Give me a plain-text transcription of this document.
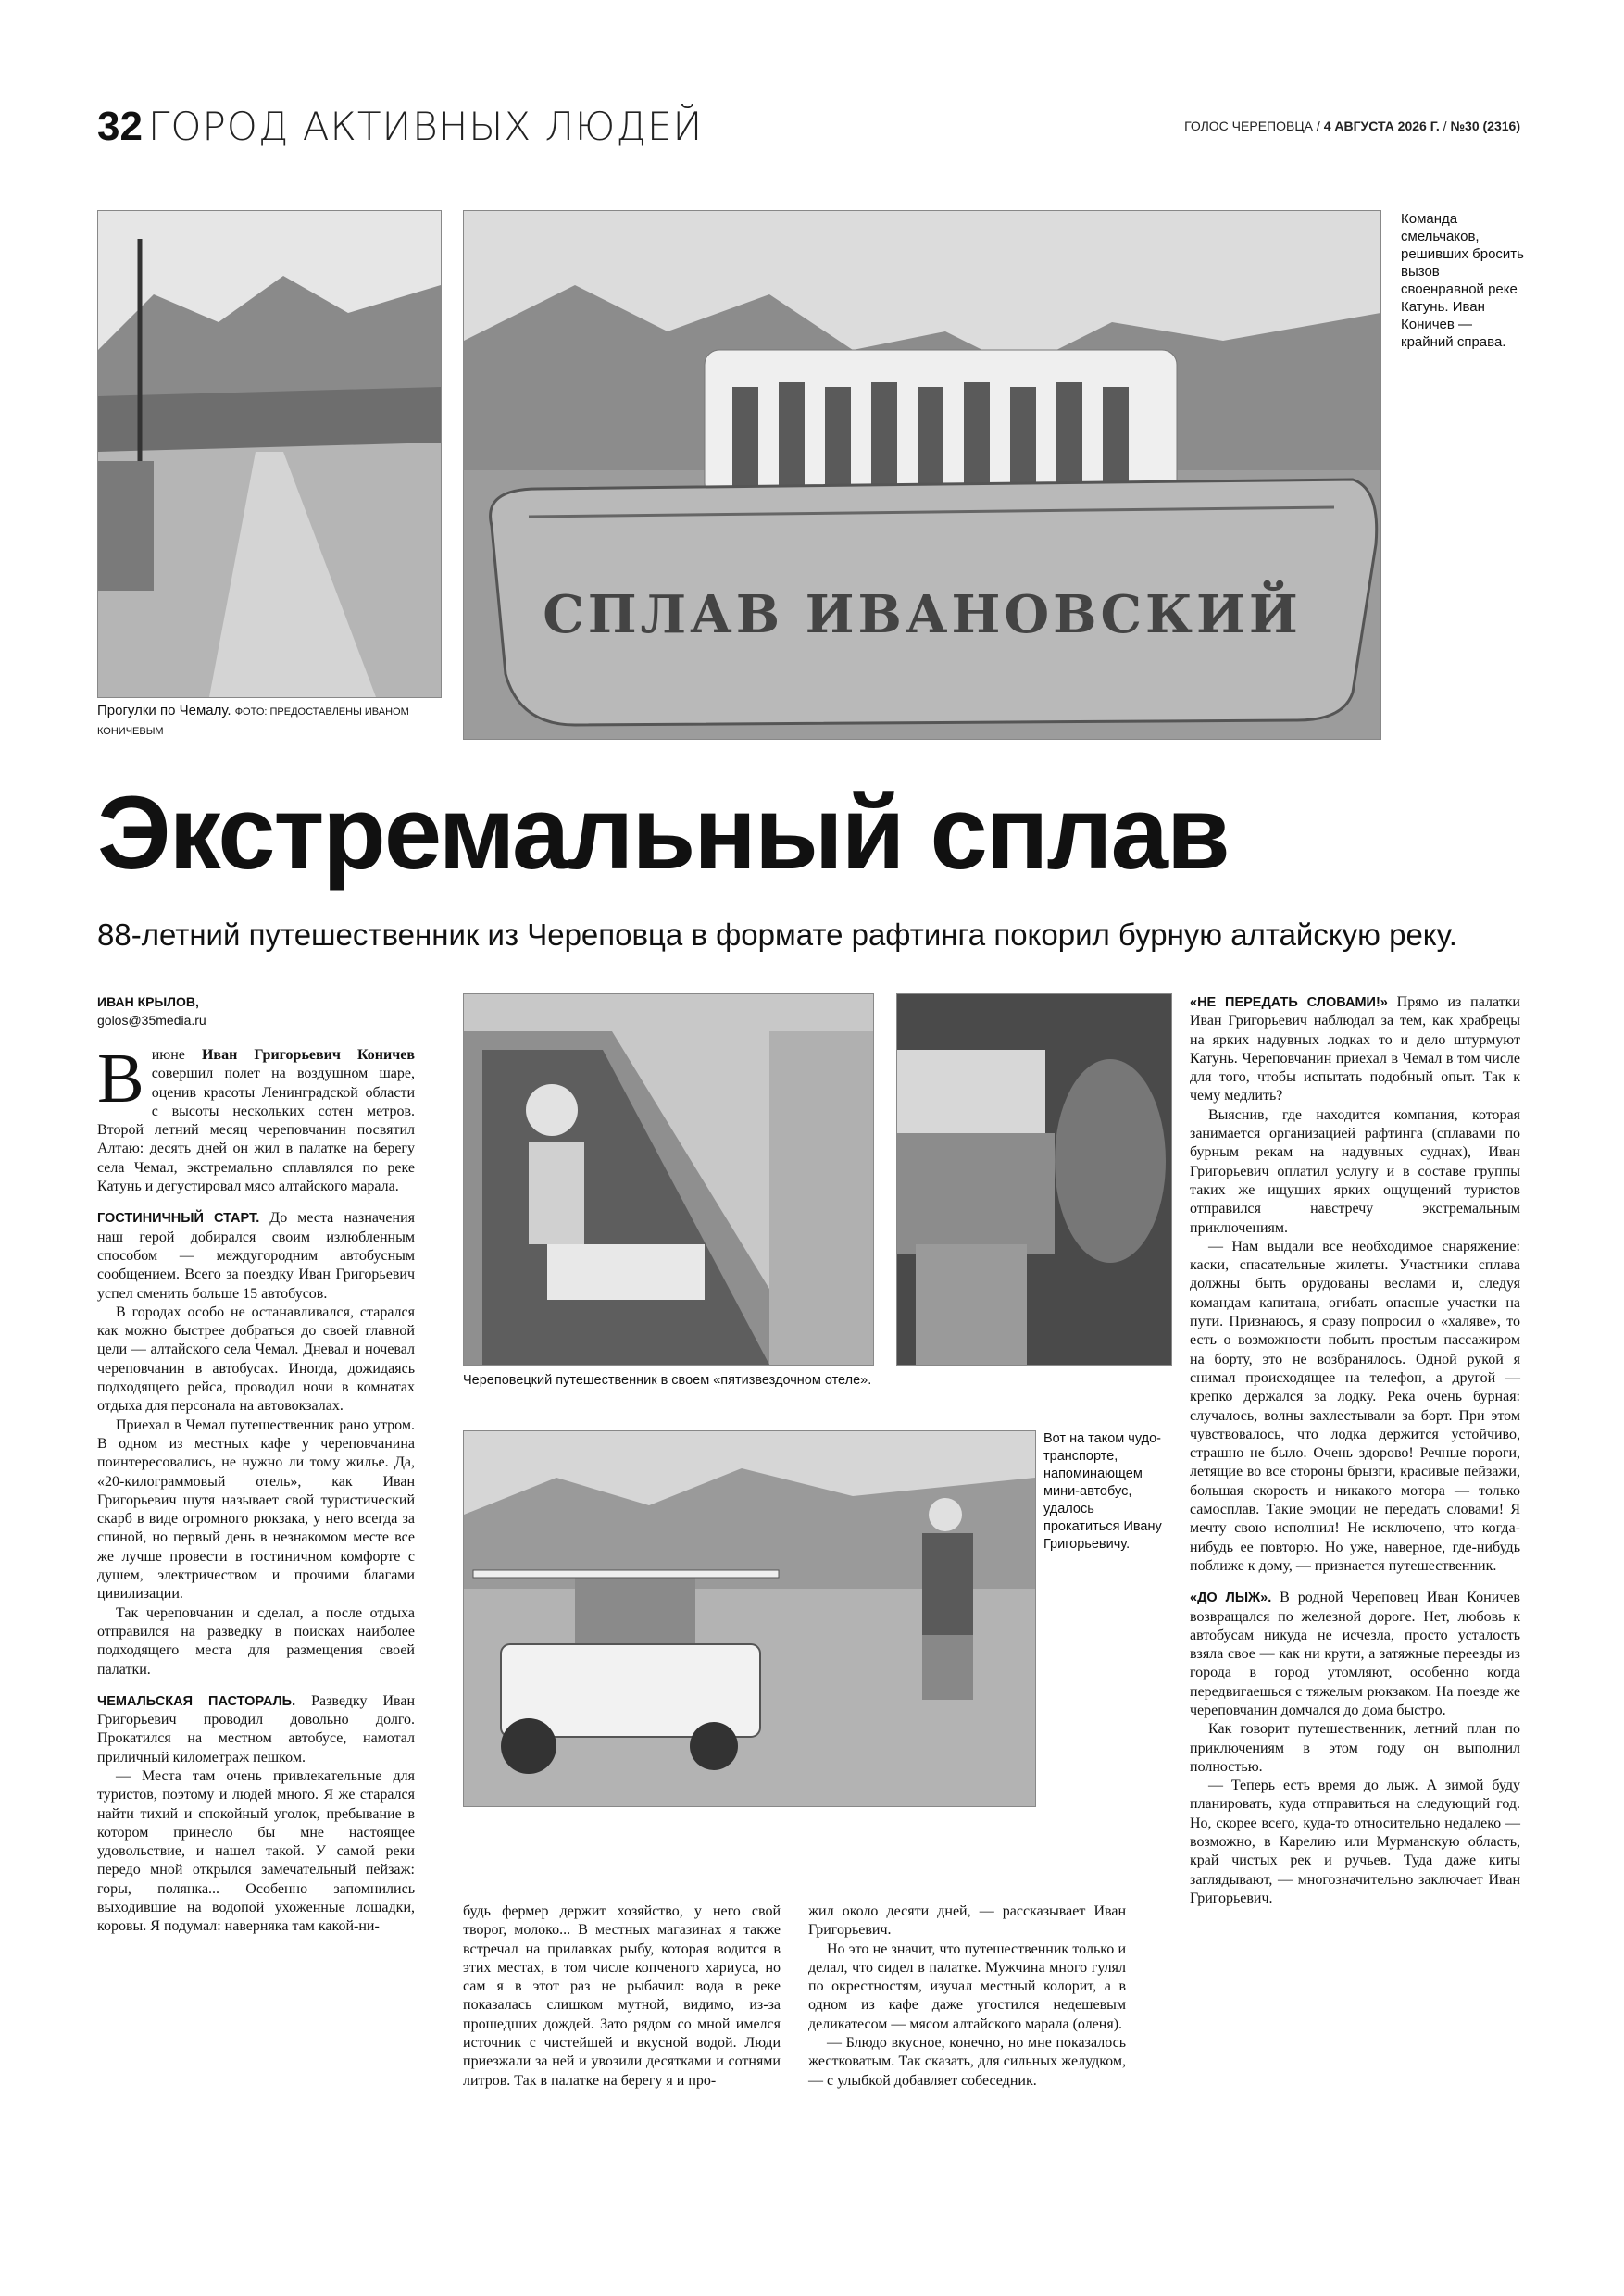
32 ГОРОД АКТИВНЫХ ЛЮДЕЙ	ГОЛОС ЧЕРЕПОВЦА / 4 АВГУСТА 2026 Г. / №30 (2316)
Прогулки по Чемалу. ФОТО: ПРЕДОСТАВЛЕНЫ ИВАНОМ КОНИЧЕВЫМ
СПЛАВ ИВАНОВСКИЙ
Команда смельчаков, решивших бросить вызов своенравной реке Катунь. Иван Коничев — крайний справа.
Экстремальный сплав
88-летний путешественник из Череповца в формате рафтинга покорил бурную алтайскую реку.
ИВАН КРЫЛОВ,
golos@35media.ru

В июне Иван Григорьевич Коничев совершил полет на воздушном шаре, оценив красоты Ленинградской области с высоты нескольких сотен метров. Второй летний месяц череповчанин посвятил Алтаю: десять дней он жил в палатке на берегу села Чемал, экстремально сплавлялся по реке Катунь и дегустировал мясо алтайского марала.

ГОСТИНИЧНЫЙ СТАРТ. До места назначения наш герой добирался своим излюбленным способом — междугородним автобусным сообщением. Всего за поездку Иван Григорьевич успел сменить больше 15 автобусов.

В городах особо не останавливался, старался как можно быстрее добраться до своей главной цели — алтайского села Чемал. Дневал и ночевал череповчанин в автобусах. Иногда, дожидаясь подходящего рейса, проводил ночи в комнатах отдыха для персонала на автовокзалах.

Приехал в Чемал путешественник рано утром. В одном из местных кафе у череповчанина поинтересовались, не нужно ли тому жилье. Да, «20-килограммовый отель», как Иван Григорьевич шутя называет свой туристический скарб в виде огромного рюкзака, у него всегда за спиной, но первый день в незнакомом месте все же лучше провести в гостиничном комфорте с душем, электричеством и прочими благами цивилизации.

Так череповчанин и сделал, а после отдыха отправился на разведку в поисках наиболее подходящего места для размещения своей палатки.

ЧЕМАЛЬСКАЯ ПАСТОРАЛЬ. Разведку Иван Григорьевич проводил довольно долго. Прокатился на местном автобусе, намотал приличный километраж пешком.

— Места там очень привлекательные для туристов, поэтому и людей много. Я же старался найти тихий и спокойный уголок, пребывание в котором принесло бы мне настоящее удовольствие, и нашел такой. У самой реки передо мной открылся замечательный пейзаж: горы, полянка... Особенно запомнились выходившие на водопой ухоженные лошадки, коровы. Я подумал: наверняка там какой-ни-

Череповецкий путешественник в своем «пятизвездочном отеле».
Вот на таком чудо-транспорте, напоминающем мини-автобус, удалось прокатиться Ивану Григорьевичу.

будь фермер держит хозяйство, у него свой творог, молоко... В местных магазинах я также встречал на прилавках рыбу, которая водится в этих местах, в том числе копченого хариуса, но сам я в этот раз не рыбачил: вода в реке показалась слишком мутной, видимо, из-за прошедших дождей. Зато рядом со мной имелся источник с чистейшей и вкусной водой. Люди приезжали за ней и увозили десятками и сотнями литров. Так в палатке на берегу я и про-

жил около десяти дней, — рассказывает Иван Григорьевич.

Но это не значит, что путешественник только и делал, что сидел в палатке. Мужчина много гулял по окрестностям, изучал местный колорит, а в одном из кафе даже угостился недешевым деликатесом — мясом алтайского марала (оленя).

— Блюдо вкусное, конечно, но мне показалось жестковатым. Так сказать, для сильных желудком, — с улыбкой добавляет собеседник.

«НЕ ПЕРЕДАТЬ СЛОВАМИ!» Прямо из палатки Иван Григорьевич наблюдал за тем, как храбрецы на ярких надувных лодках то и дело штурмуют Катунь. Череповчанин приехал в Чемал в том числе для того, чтобы испытать подобный опыт. Так к чему медлить?

Выяснив, где находится компания, которая занимается организацией рафтинга (сплавами по бурным рекам на надувных суднах), Иван Григорьевич оплатил услугу и в составе группы таких же ищущих ярких ощущений туристов отправился навстречу экстремальным приключениям.

— Нам выдали все необходимое снаряжение: каски, спасательные жилеты. Участники сплава должны быть орудованы веслами и, следуя командам капитана, огибать опасные участки на пути. Признаюсь, я сразу попросил о «халяве», то есть о возможности побыть простым пассажиром на борту, это не возбранялось. Одной рукой я снимал происходящее на телефон, а другой — крепко держался за лодку. Река очень бурная: случалось, волны захлестывали за борт. При этом чувствовалось, что лодка держится устойчиво, страшно не было. Очень здорово! Речные пороги, летящие во все стороны брызги, красивые пейзажи, большая скорость и никакого мотора — только самосплав. Такие эмоции не передать словами! Я мечту свою исполнил! Не исключено, что когда-нибудь ее повторю. Но уже, наверное, где-нибудь поближе к дому, — признается путешественник.

«ДО ЛЫЖ». В родной Череповец Иван Коничев возвращался по железной дороге. Нет, любовь к автобусам никуда не исчезла, просто усталость взяла свое — как ни крути, а затяжные переезды из города в город утомляют, особенно когда передвигаешься с тяжелым рюкзаком. На поезде же череповчанин домчался до дома быстро.

Как говорит путешественник, летний план по приключениям в этом году он выполнил полностью.

— Теперь есть время до лыж. А зимой буду планировать, куда отправиться на следующий год. Но, скорее всего, куда-то относительно недалеко — возможно, в Карелию или Мурманскую область, край чистых рек и ручьев. Туда даже киты заглядывают, — многозначительно заключает Иван Григорьевич.
